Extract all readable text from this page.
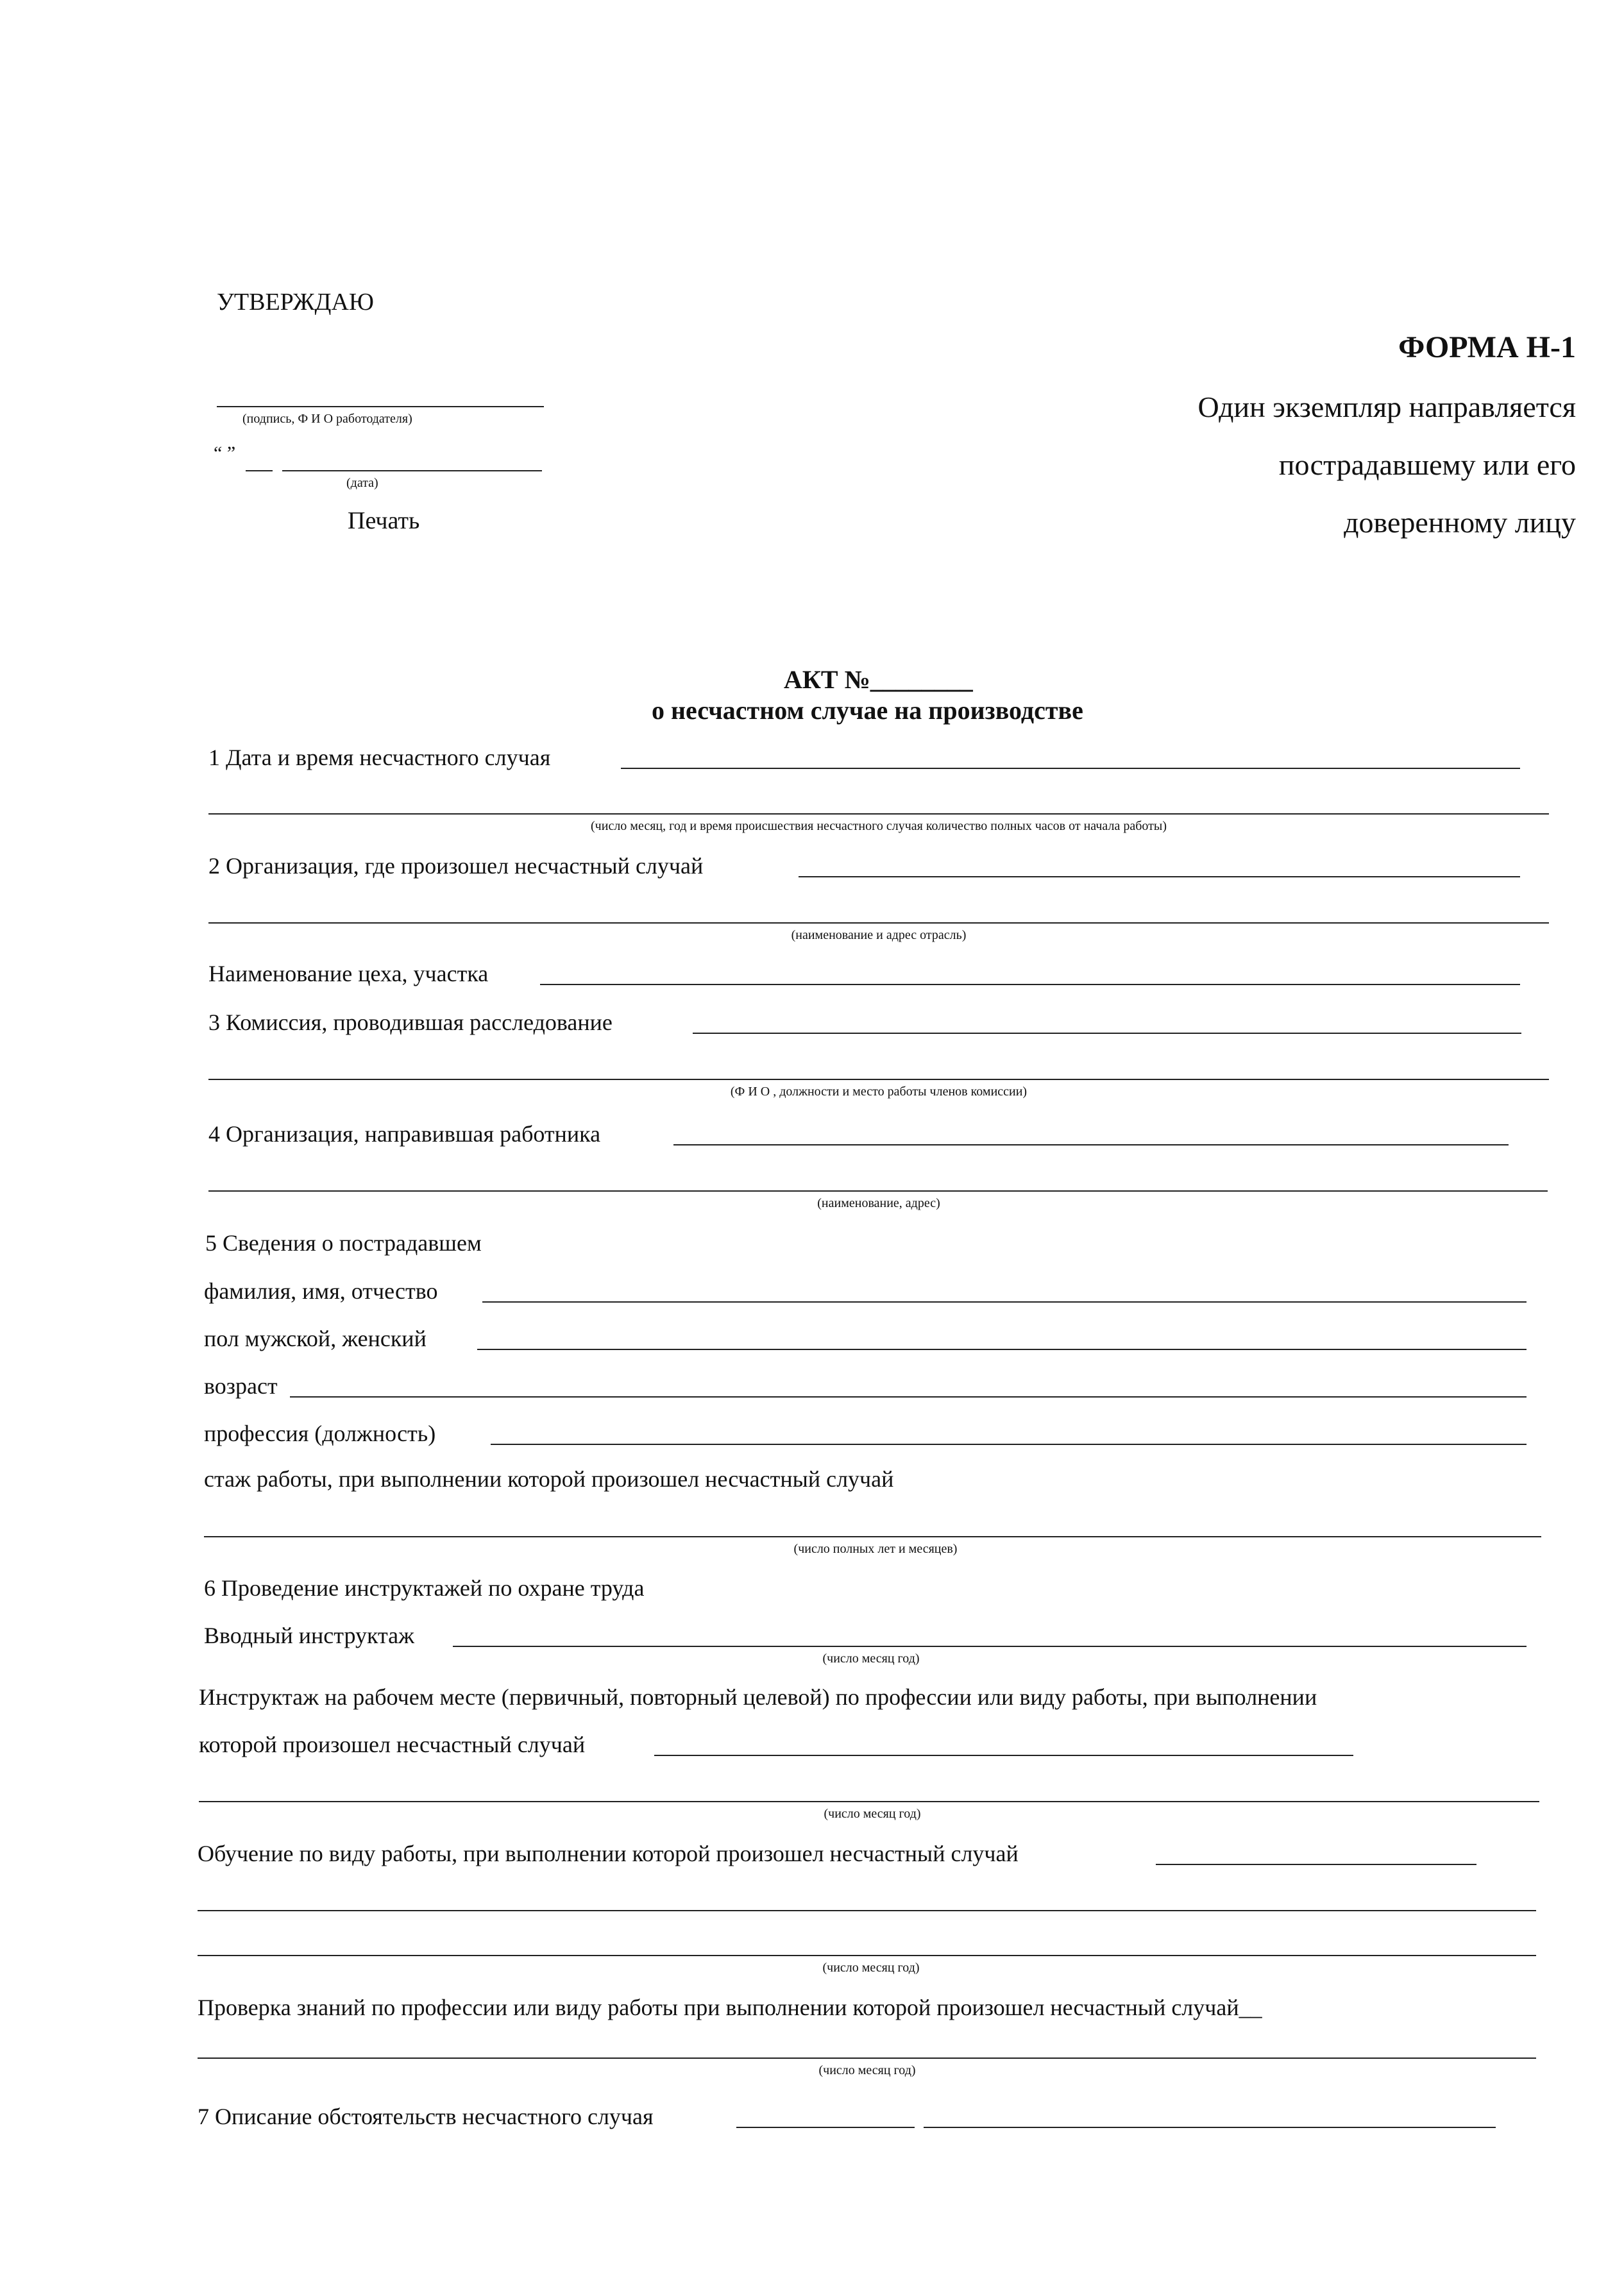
УТВЕРЖДАЮ
(подпись, Ф И О работодателя)
“ ”
(дата)
Печать
ФОРМА Н-1
Один экземпляр направляется
пострадавшему или его
доверенному лицу
АКТ №________
о несчастном случае на производстве
1 Дата и время несчастного случая
(число месяц, год и время происшествия несчастного случая количество полных часов от начала работы)
2 Организация, где произошел несчастный случай
(наименование и адрес отрасль)
Наименование цеха, участка
3 Комиссия, проводившая расследование
(Ф И О , должности и место работы членов комиссии)
4 Организация, направившая работника
(наименование, адрес)
5 Сведения о пострадавшем
фамилия, имя, отчество
пол мужской, женский
возраст
профессия (должность)
стаж работы, при выполнении которой произошел несчастный случай
(число полных лет и месяцев)
6 Проведение инструктажей по охране труда
Вводный инструктаж
(число месяц год)
Инструктаж на рабочем месте (первичный, повторный целевой) по профессии или виду работы, при выполнении
которой произошел несчастный случай
(число месяц год)
Обучение по виду работы, при выполнении которой произошел несчастный случай
(число месяц год)
Проверка знаний по профессии или виду работы при выполнении которой произошел несчастный случай__
(число месяц год)
7 Описание обстоятельств несчастного случая
